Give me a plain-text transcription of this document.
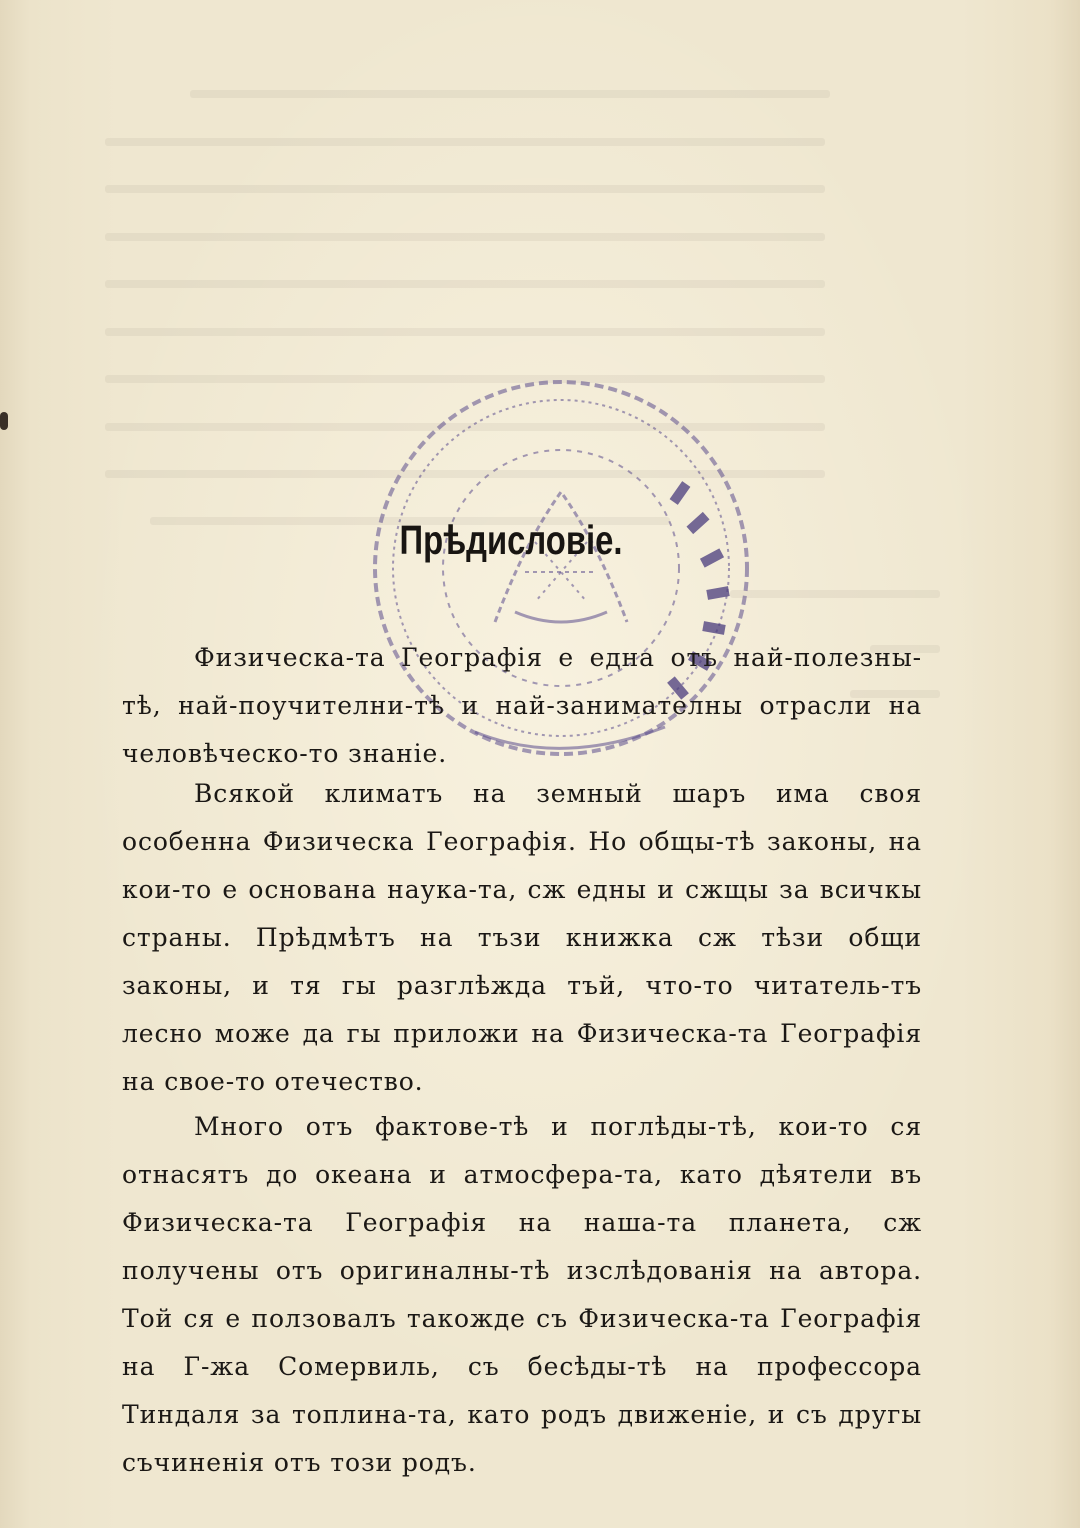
Прѣдисловіе.

Физическа-та Географія е една отъ най-полезны-тѣ, най-поучителни-тѣ и най-занимателны отрасли на человѣческо-то знаніе.

Всякой климатъ на земный шаръ има своя особенна Физическа Географія. Но общы-тѣ законы, на кои-то е основана наука-та, сж едны и сжщы за всичкы страны. Прѣдмѣтъ на тъзи книжка сж тѣзи общи законы, и тя гы разглѣжда тъй, что-то читатель-тъ лесно може да гы приложи на Физическа-та Географія на свое-то отечество.

Много отъ фактове-тѣ и поглѣды-тѣ, кои-то ся отнасятъ до океана и атмосфера-та, като дѣятели въ Физическа-та Географія на наша-та планета, сж получены отъ оригиналны-тѣ изслѣдованія на автора. Той ся е ползовалъ такожде съ Физическа-та Географія на Г-жа Сомервиль, съ бесѣды-тѣ на профессора Тиндаля за топлина-та, като родъ движеніе, и съ другы съчиненія отъ този родъ.
